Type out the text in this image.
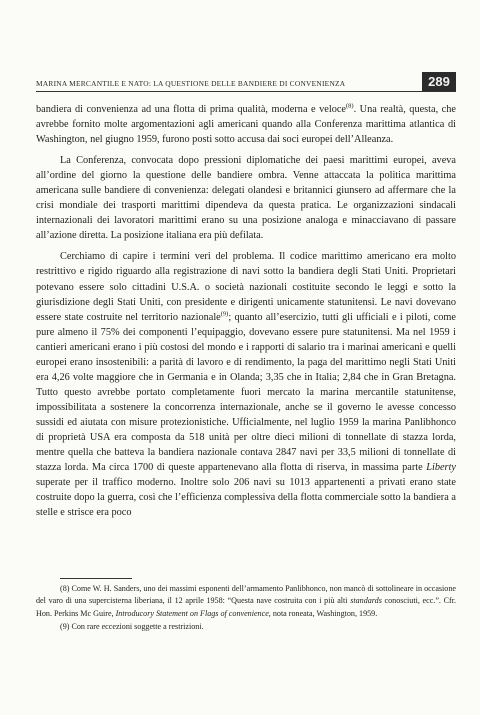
MARINA MERCANTILE E NATO: LA QUESTIONE DELLE BANDIERE DI CONVENIENZA	289

bandiera di convenienza ad una flotta di prima qualità, moderna e veloce$^{(8)}$. Una realtà, questa, che avrebbe fornito molte argomentazioni agli americani quando alla Conferenza marittima atlantica di Washington, nel giugno 1959, furono posti sotto accusa dai soci europei dell’Alleanza.

La Conferenza, convocata dopo pressioni diplomatiche dei paesi marittimi europei, aveva all’ordine del giorno la questione delle bandiere ombra. Venne attaccata la politica marittima americana sulle bandiere di convenienza: delegati olandesi e britannici giunsero ad affermare che la crisi mondiale dei trasporti marittimi dipendeva da questa pratica. Le organizzazioni sindacali internazionali dei lavoratori marittimi erano su una posizione analoga e minacciavano di passare all’azione diretta. La posizione italiana era più defilata.

Cerchiamo di capire i termini veri del problema. Il codice marittimo americano era molto restrittivo e rigido riguardo alla registrazione di navi sotto la bandiera degli Stati Uniti. Proprietari potevano essere solo cittadini U.S.A. o società nazionali costituite secondo le leggi e sotto la giurisdizione degli Stati Uniti, con presidente e dirigenti unicamente statunitensi. Le navi dovevano essere state costruite nel territorio nazionale$^{(9)}$; quanto all’esercizio, tutti gli ufficiali e i piloti, come pure almeno il 75% dei componenti l’equipaggio, dovevano essere pure statunitensi. Ma nel 1959 i cantieri americani erano i più costosi del mondo e i rapporti di salario tra i marinai americani e quelli europei erano insostenibili: a parità di lavoro e di rendimento, la paga del marittimo negli Stati Uniti era 4,26 volte maggiore che in Germania e in Olanda; 3,35 che in Italia; 2,84 che in Gran Bretagna. Tutto questo avrebbe portato completamente fuori mercato la marina mercantile statunitense, impossibilitata a sostenere la concorrenza internazionale, anche se il governo le avesse concesso sussidi ed aiutata con misure protezionistiche. Ufficialmente, nel luglio 1959 la marina Panlibhonco di proprietà USA era composta da 518 unità per oltre dieci milioni di tonnellate di stazza lorda, mentre quella che batteva la bandiera nazionale contava 2847 navi per 33,5 milioni di tonnellate di stazza lorda. Ma circa 1700 di queste appartenevano alla flotta di riserva, in massima parte Liberty superate per il traffico moderno. Inoltre solo 206 navi su 1013 appartenenti a privati erano state costruite dopo la guerra, così che l’efficienza complessiva della flotta commerciale sotto la bandiera a stelle e strisce era poco

(8) Come W. H. Sanders, uno dei massimi esponenti dell’armamento Panlibhonco, non mancò di sottolineare in occasione del varo di una supercisterna liberiana, il 12 aprile 1958: “Questa nave costruita con i più alti standards conosciuti, ecc.”. Cfr. Hon. Perkins Mc Guire, Introducory Statement on Flags of convenience, nota roneata, Washington, 1959.

(9) Con rare eccezioni soggette a restrizioni.
